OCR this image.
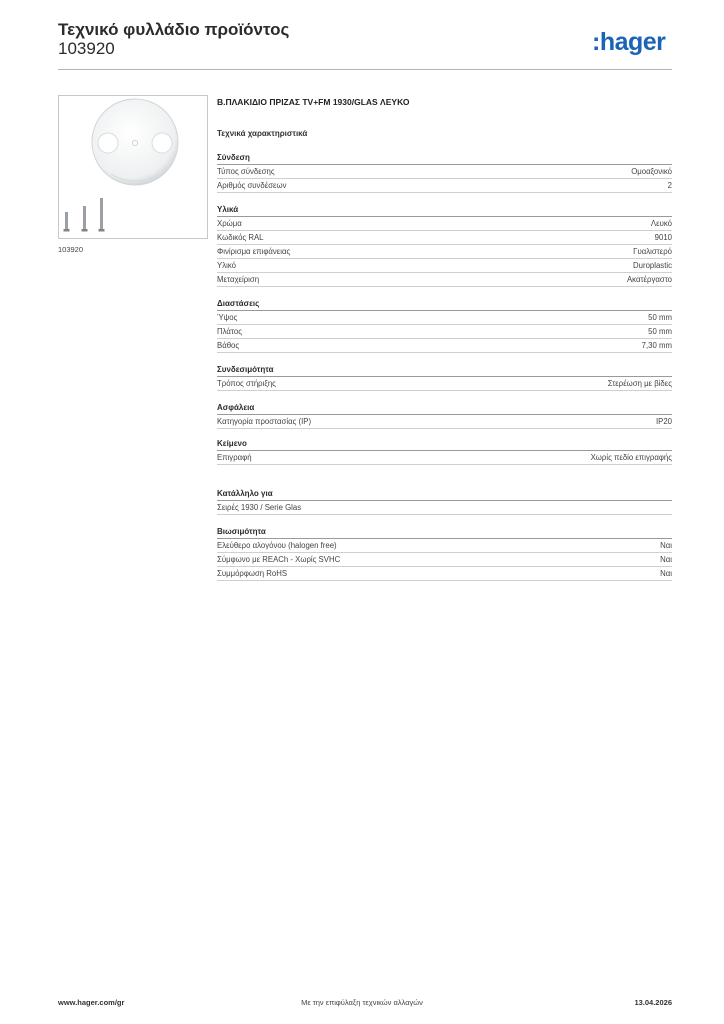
Τεχνικό φυλλάδιο προϊόντος
103920	:hager
103920
Β.ΠΛΑΚΙΔΙΟ ΠΡΙΖΑΣ TV+FM 1930/GLAS ΛΕΥΚΟ
Τεχνικά χαρακτηριστικά
Σύνδεση
Τύπος σύνδεσης	Ομοαξονικό
Αριθμός συνδέσεων	2
Υλικά
Χρώμα	Λευκό
Κωδικός RAL	9010
Φινίρισμα επιφάνειας	Γυαλιστερό
Υλικό	Duroplastic
Μεταχείριση	Ακατέργαστο
Διαστάσεις
Ύψος	50 mm
Πλάτος	50 mm
Βάθος	7,30 mm
Συνδεσιμότητα
Τρόπος στήριξης	Στερέωση με βίδες
Ασφάλεια
Κατηγορία προστασίας (IP)	IP20
Κείμενο
Επιγραφή	Χωρίς πεδίο επιγραφής
Κατάλληλο για
Σειρές 1930 / Serie Glas
Βιωσιμότητα
Ελεύθερο αλογόνου (halogen free)	Ναι
Σύμφωνο με REACh - Χωρίς SVHC	Ναι
Συμμόρφωση RoHS	Ναι
www.hager.com/gr	Με την επιφύλαξη τεχνικών αλλαγών	13.04.2026
